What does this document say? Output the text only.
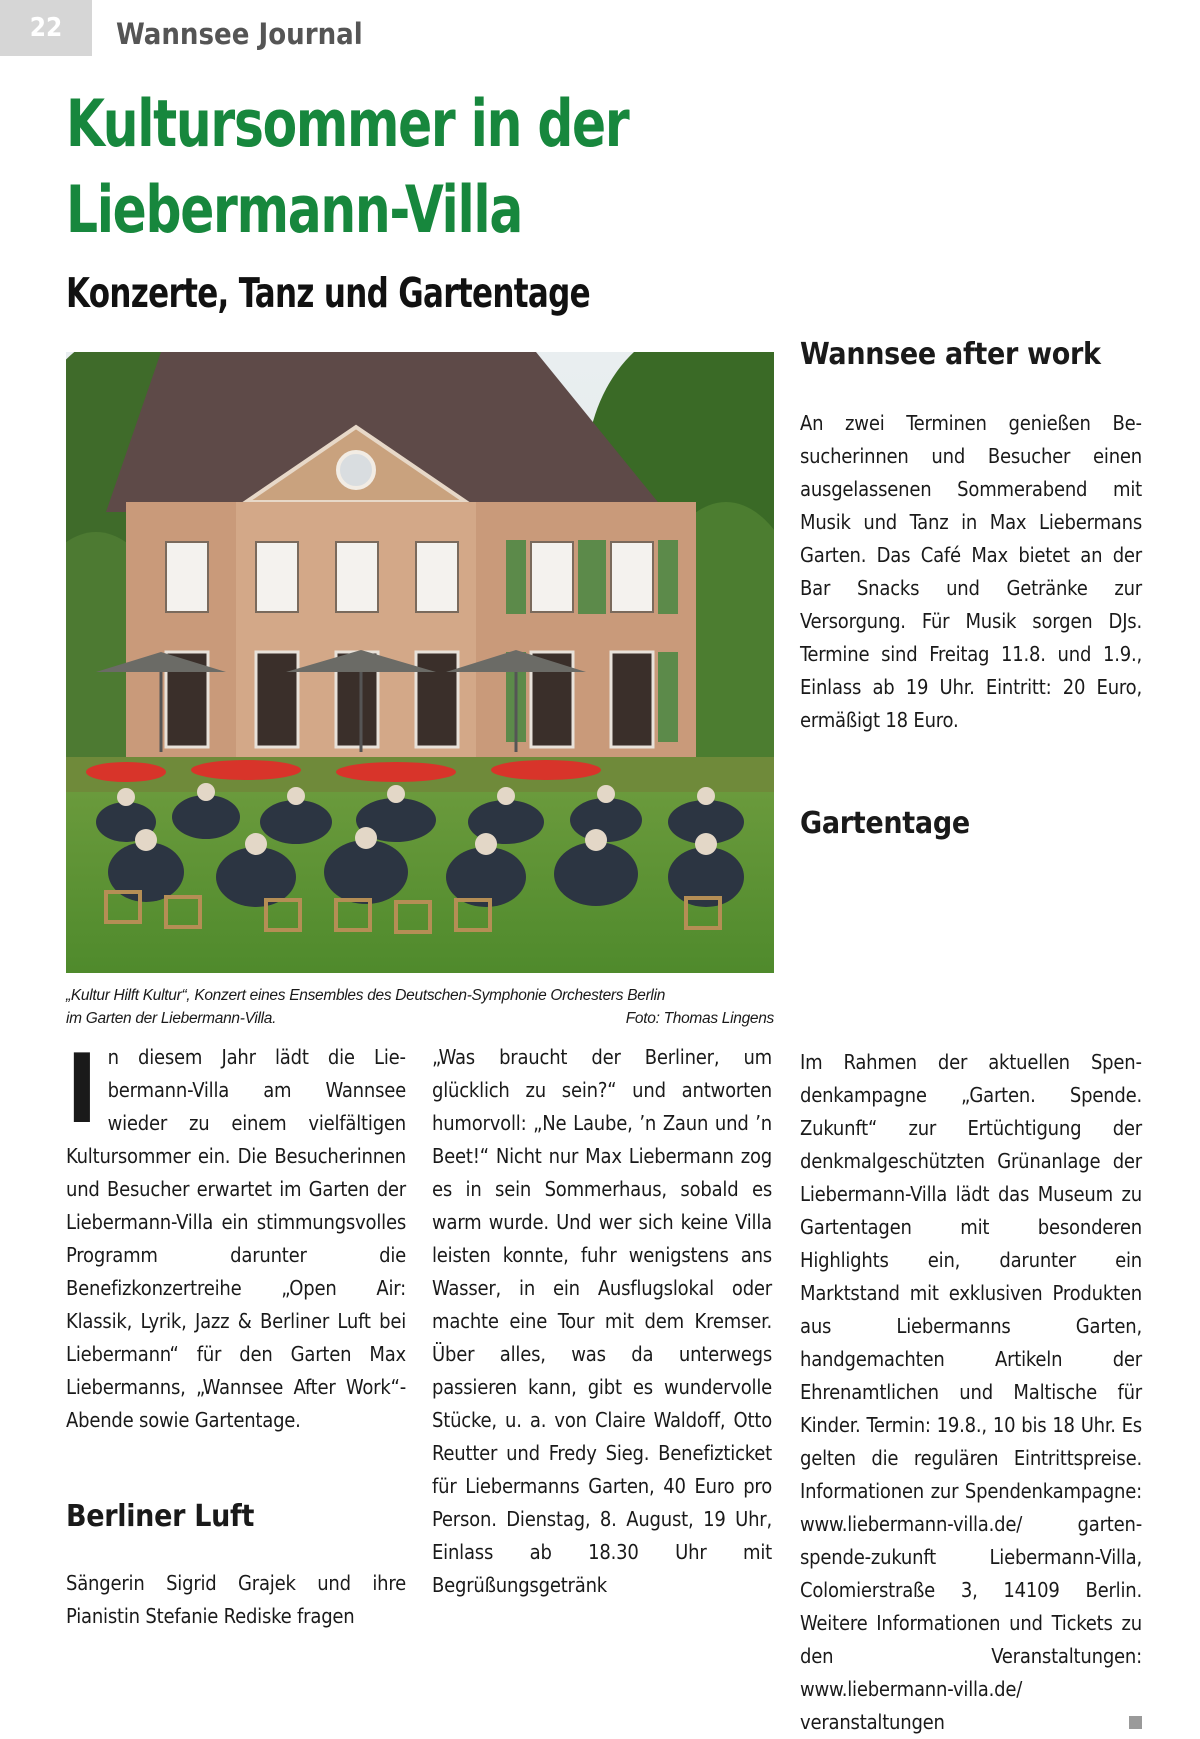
22	Wannsee Journal
Kultursommer in der
Liebermann-Villa
Konzerte, Tanz und Gartentage
„Kultur Hilft Kultur“, Konzert eines Ensembles des Deutschen-Symphonie Orchesters Berlin
im Garten der Liebermann-Villa.	Foto: Thomas Lingens
Wannsee after work

An zwei Terminen genießen Besucherinnen und Besucher einen ausgelassenen Sommerabend mit Musik und Tanz in Max Liebermans Garten. Das Café Max bietet an der Bar Snacks und Getränke zur Versorgung. Für Musik sorgen DJs. Termine sind Freitag 11.8. und 1.9., Einlass ab 19 Uhr. Eintritt: 20 Euro, ermäßigt 18 Euro.

Gartentage

In diesem Jahr lädt die Liebermann-Villa am Wannsee wieder zu einem vielfältigen Kultursommer ein. Die Besucherinnen und Besucher erwartet im Garten der Liebermann-Villa ein stimmungsvolles Programm darunter die Benefizkonzertreihe „Open Air: Klassik, Lyrik, Jazz & Berliner Luft bei Liebermann“ für den Garten Max Liebermanns, „Wannsee After Work“-Abende sowie Gartentage.

Berliner Luft

Sängerin Sigrid Grajek und ihre Pianistin Stefanie Rediske fragen

„Was braucht der Berliner, um glücklich zu sein?“ und antworten humorvoll: „Ne Laube, ’n Zaun und ’n Beet!“ Nicht nur Max Liebermann zog es in sein Sommerhaus, sobald es warm wurde. Und wer sich keine Villa leisten konnte, fuhr wenigstens ans Wasser, in ein Ausflugslokal oder machte eine Tour mit dem Kremser. Über alles, was da unterwegs passieren kann, gibt es wundervolle Stücke, u. a. von Claire Waldoff, Otto Reutter und Fredy Sieg. Benefizticket für Liebermanns Garten, 40 Euro pro Person. Dienstag, 8. August, 19 Uhr, Einlass ab 18.30 Uhr mit Begrüßungsgetränk

Im Rahmen der aktuellen Spendenkampagne „Garten. Spende. Zukunft“ zur Ertüchtigung der denkmalgeschützten Grünanlage der Liebermann-Villa lädt das Museum zu Gartentagen mit besonderen Highlights ein, darunter ein Marktstand mit exklusiven Produkten aus Liebermanns Garten, handgemachten Artikeln der Ehrenamtlichen und Maltische für Kinder. Termin: 19.8., 10 bis 18 Uhr. Es gelten die regulären Eintrittspreise. Informationen zur Spendenkampagne: www.liebermann-villa.de/ garten-spende-zukunft Liebermann-Villa, Colomierstraße 3, 14109 Berlin. Weitere Informationen und Tickets zu den Veranstaltungen: www.liebermann-villa.de/ veranstaltungen
